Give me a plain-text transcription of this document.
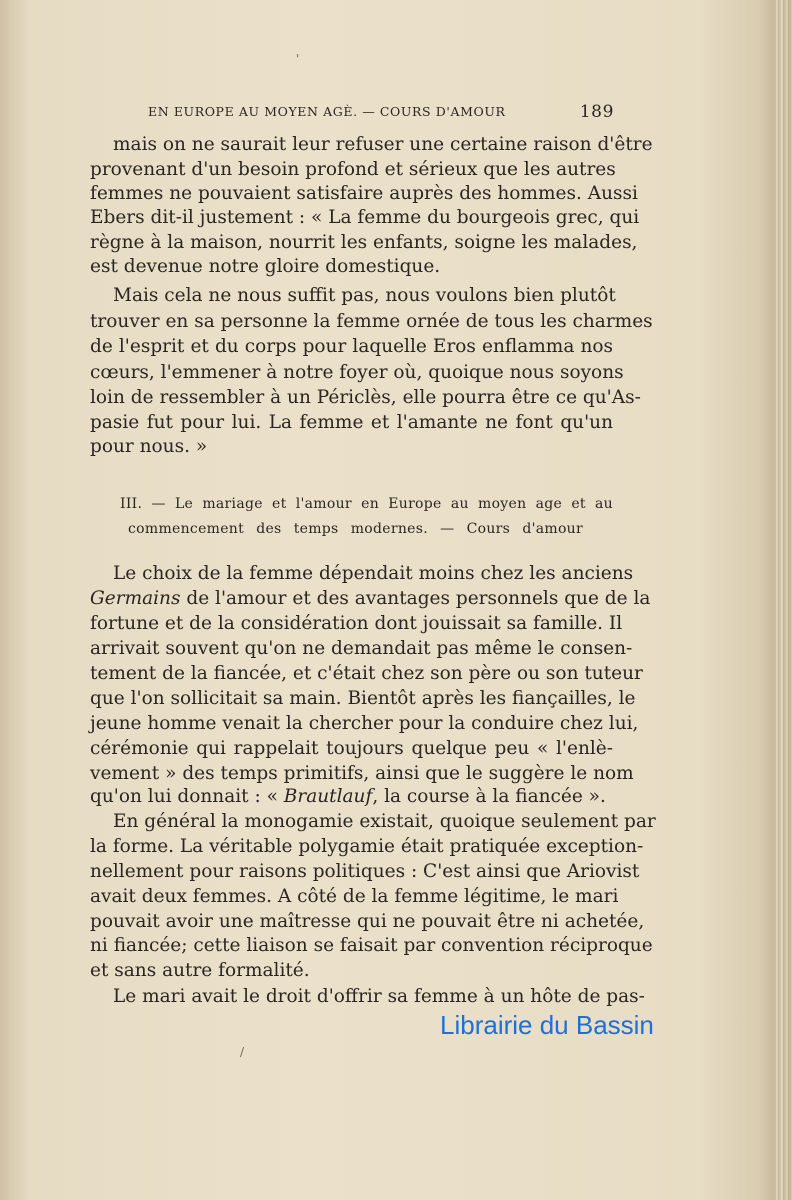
'
/
EN EUROPE AU MOYEN AGÈ. — COURS D'AMOUR	189
mais on ne saurait leur refuser une certaine raison d'être
provenant d'un besoin profond et sérieux que les autres
femmes ne pouvaient satisfaire auprès des hommes. Aussi
Ebers dit-il justement : « La femme du bourgeois grec, qui
règne à la maison, nourrit les enfants, soigne les malades,
est devenue notre gloire domestique.
Mais cela ne nous suffit pas, nous voulons bien plutôt
trouver en sa personne la femme ornée de tous les charmes
de l'esprit et du corps pour laquelle Eros enflamma nos
cœurs, l'emmener à notre foyer où, quoique nous soyons
loin de ressembler à un Périclès, elle pourra être ce qu'As-
pasie fut pour lui. La femme et l'amante ne font qu'un
pour nous. »
Le choix de la femme dépendait moins chez les anciens
Germains de l'amour et des avantages personnels que de la
fortune et de la considération dont jouissait sa famille. Il
arrivait souvent qu'on ne demandait pas même le consen-
tement de la fiancée, et c'était chez son père ou son tuteur
que l'on sollicitait sa main. Bientôt après les fiançailles, le
jeune homme venait la chercher pour la conduire chez lui,
cérémonie qui rappelait toujours quelque peu « l'enlè-
vement » des temps primitifs, ainsi que le suggère le nom
qu'on lui donnait : « Brautlauf, la course à la fiancée ».
En général la monogamie existait, quoique seulement par
la forme. La véritable polygamie était pratiquée exception-
nellement pour raisons politiques : C'est ainsi que Ariovist
avait deux femmes. A côté de la femme légitime, le mari
pouvait avoir une maîtresse qui ne pouvait être ni achetée,
ni fiancée; cette liaison se faisait par convention réciproque
et sans autre formalité.
Le mari avait le droit d'offrir sa femme à un hôte de pas-
III. — Le mariage et l'amour en Europe au moyen age et au
commencement des temps modernes. — Cours d'amour
Librairie du Bassin
